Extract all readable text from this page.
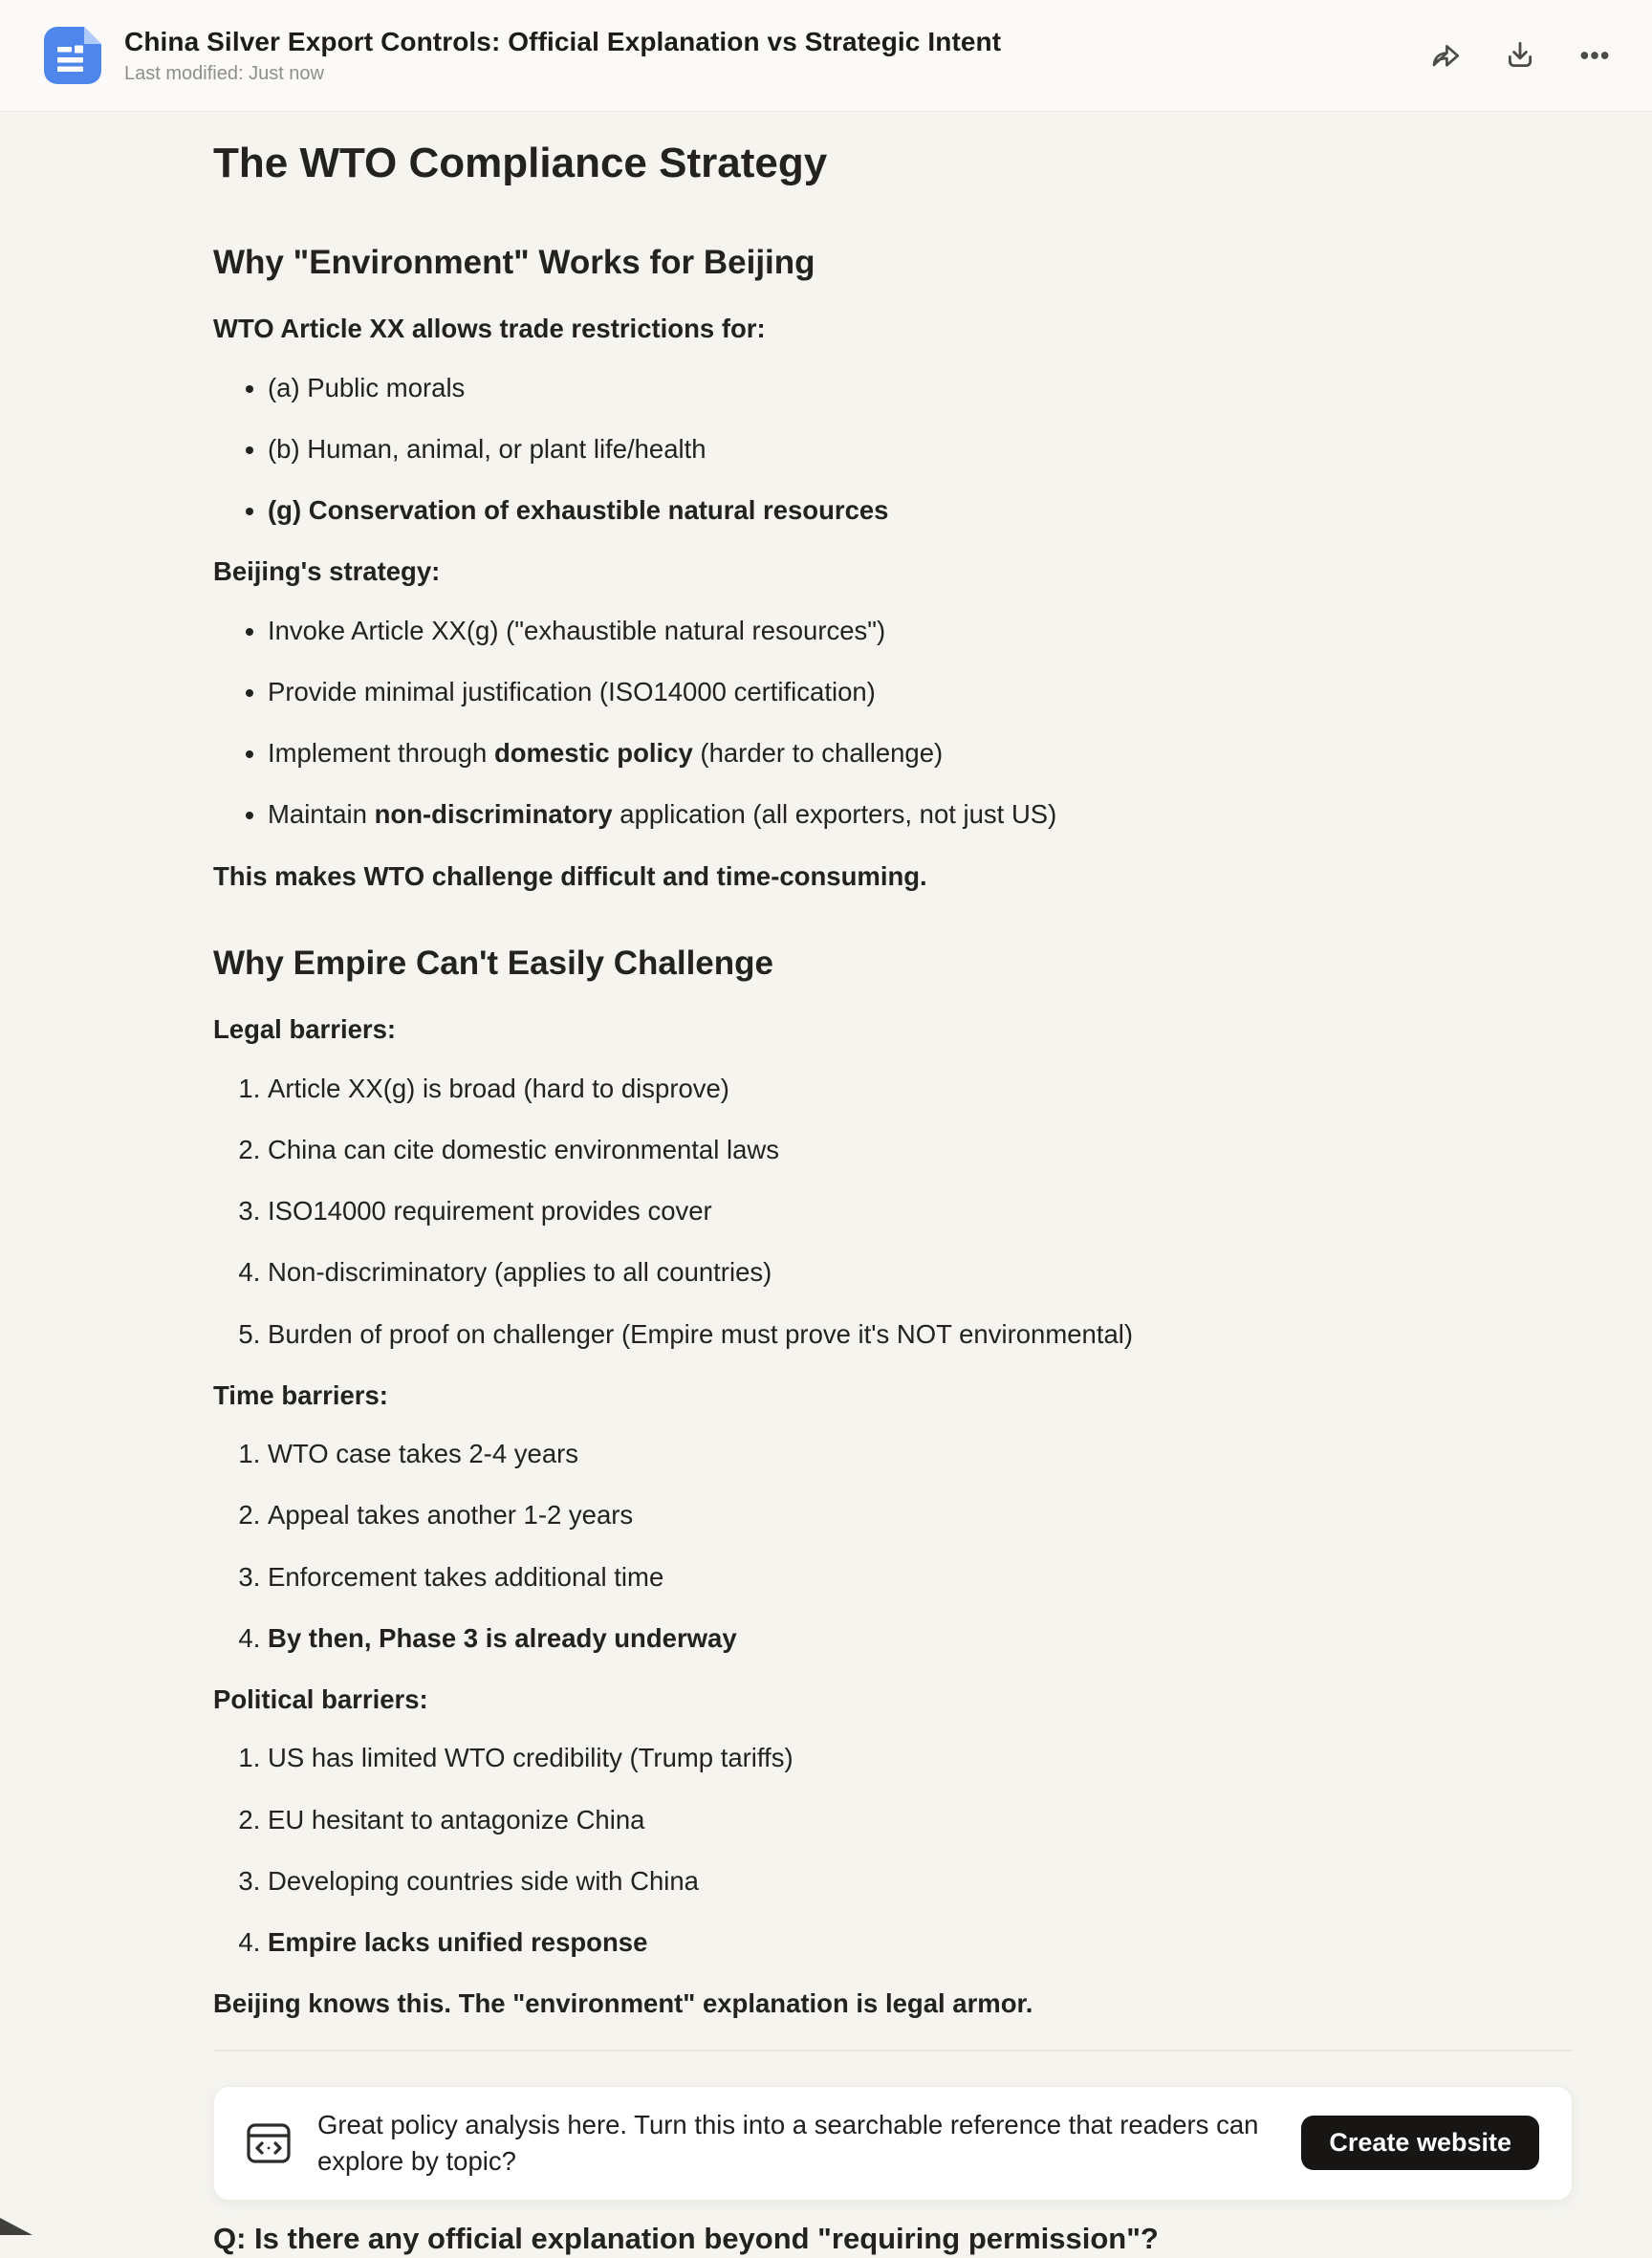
China Silver Export Controls: Official Explanation vs Strategic Intent
Last modified: Just now
The WTO Compliance Strategy
Why "Environment" Works for Beijing

WTO Article XX allows trade restrictions for:

• (a) Public morals
• (b) Human, animal, or plant life/health
• (g) Conservation of exhaustible natural resources

Beijing's strategy:

• Invoke Article XX(g) ("exhaustible natural resources")
• Provide minimal justification (ISO14000 certification)
• Implement through domestic policy (harder to challenge)
• Maintain non-discriminatory application (all exporters, not just US)

This makes WTO challenge difficult and time-consuming.

Why Empire Can't Easily Challenge

Legal barriers:

1. Article XX(g) is broad (hard to disprove)
2. China can cite domestic environmental laws
3. ISO14000 requirement provides cover
4. Non-discriminatory (applies to all countries)
5. Burden of proof on challenger (Empire must prove it's NOT environmental)

Time barriers:

1. WTO case takes 2-4 years
2. Appeal takes another 1-2 years
3. Enforcement takes additional time
4. By then, Phase 3 is already underway

Political barriers:

1. US has limited WTO credibility (Trump tariffs)
2. EU hesitant to antagonize China
3. Developing countries side with China
4. Empire lacks unified response

Beijing knows this. The "environment" explanation is legal armor.

Great policy analysis here. Turn this into a searchable reference that readers can explore by topic?
Create website
Q: Is there any official explanation beyond "requiring permission"?
